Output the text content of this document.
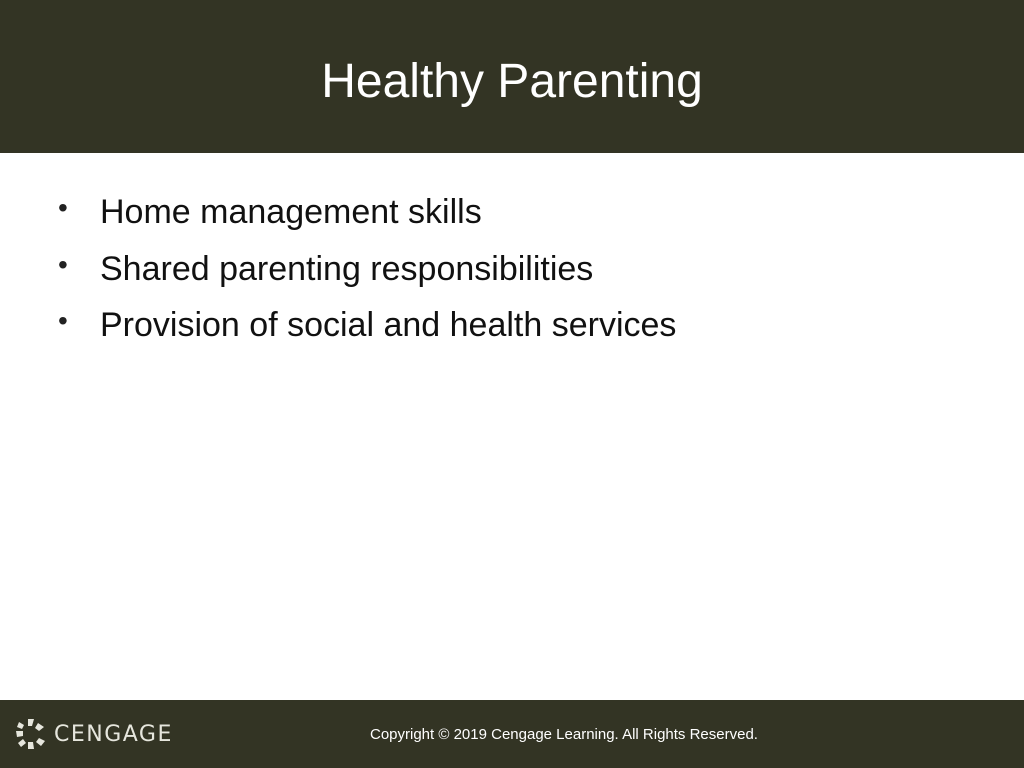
Healthy Parenting
• Home management skills
• Shared parenting responsibilities
• Provision of social and health services
CENGAGE	Copyright © 2019 Cengage Learning. All Rights Reserved.
